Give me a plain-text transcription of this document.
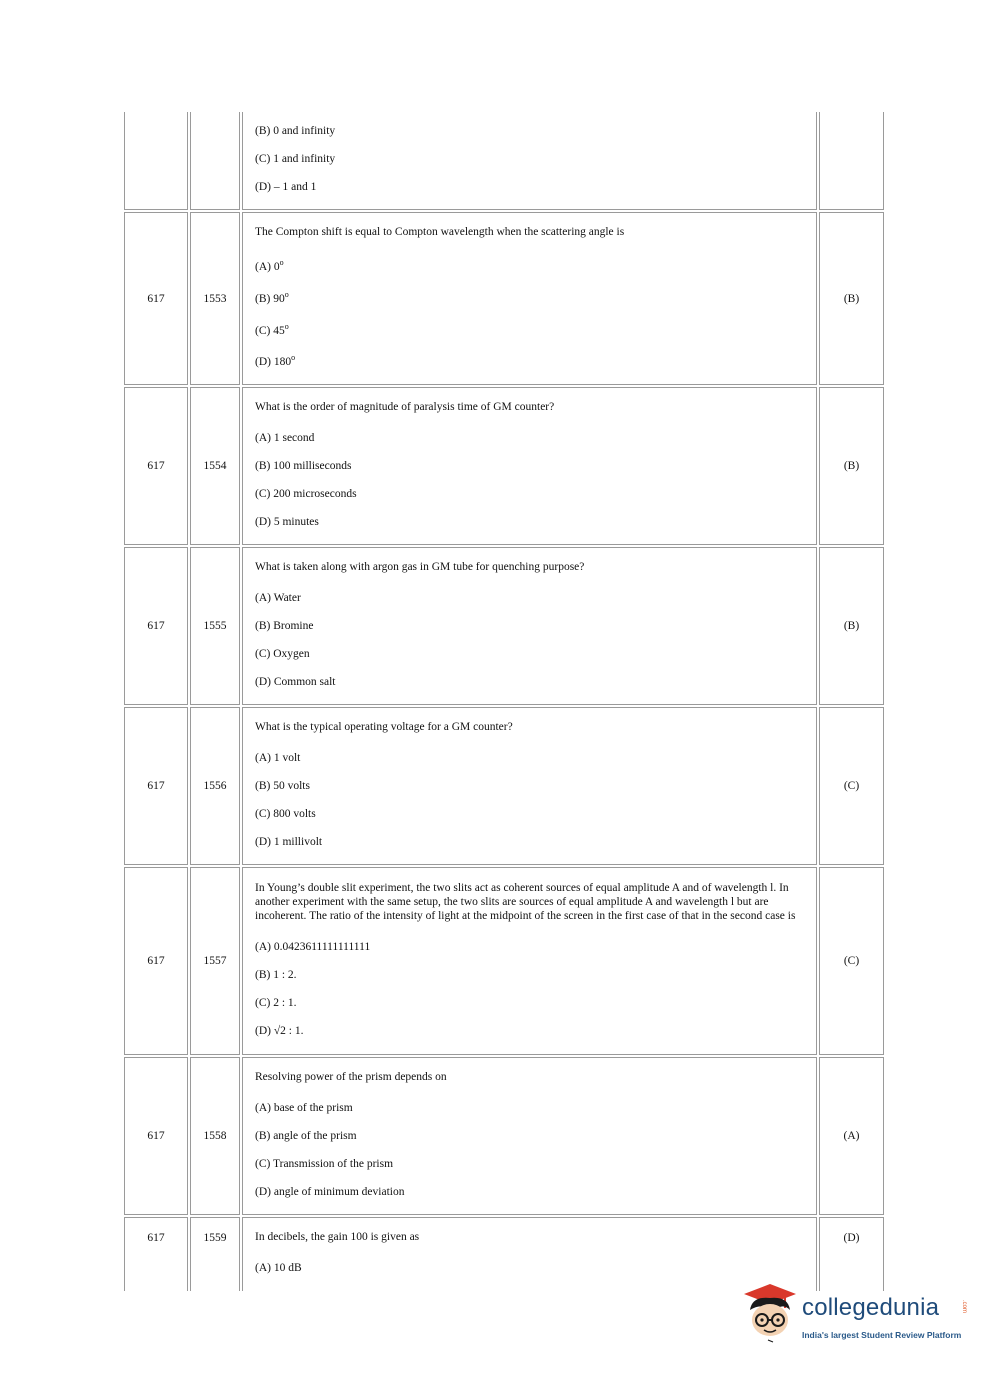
		(B) 0 and infinity

(C) 1 and infinity

(D) – 1 and 1	

617	1553	The Compton shift is equal to Compton wavelength when the scattering angle is

(A) 0$^o$

(B) 90$^o$

(C) 45$^o$

(D) 180$^o$	(B)
617	1554	What is the order of magnitude of paralysis time of GM counter?

(A) 1 second

(B) 100 milliseconds

(C) 200 microseconds

(D) 5 minutes	(B)
617	1555	What is taken along with argon gas in GM tube for quenching purpose?

(A) Water

(B) Bromine

(C) Oxygen

(D) Common salt	(B)
617	1556	What is the typical operating voltage for a GM counter?

(A) 1 volt

(B) 50 volts

(C) 800 volts

(D) 1 millivolt	(C)
617	1557	In Young’s double slit experiment, the two slits act as coherent sources of equal amplitude A and of wavelength l. In another experiment with the same setup, the two slits are sources of equal amplitude A and wavelength l but are incoherent. The ratio of the intensity of light at the midpoint of the screen in the first case of that in the second case is

(A) 0.0423611111111111

(B) 1 : 2.

(C) 2 : 1.

(D) √2 : 1.	(C)
617	1558	Resolving power of the prism depends on

(A) base of the prism

(B) angle of the prism

(C) Transmission of the prism

(D) angle of minimum deviation	(A)
617	1559	In decibels, the gain 100 is given as

(A) 10 dB	(D)
collegedunia	.com
India's largest Student Review Platform
